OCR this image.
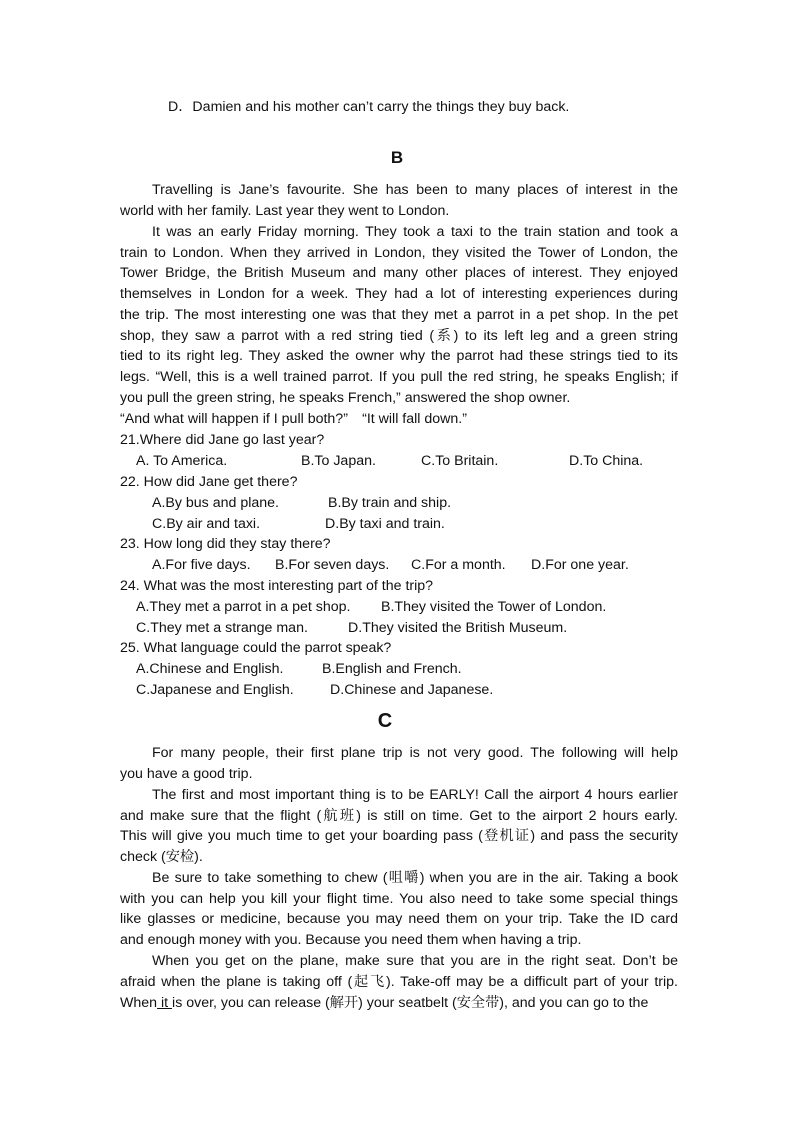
D．Damien and his mother can’t carry the things they buy back.
B

Travelling is Jane’s favourite. She has been to many places of interest in the

world with her family. Last year they went to London.

It was an early Friday morning. They took a taxi to the train station and took a

train to London. When they arrived in London, they visited the Tower of London, the

Tower Bridge, the British Museum and many other places of interest. They enjoyed

themselves in London for a week. They had a lot of interesting experiences during

the trip. The most interesting one was that they met a parrot in a pet shop. In the pet

shop, they saw a parrot with a red string tied (系) to its left leg and a green string

tied to its right leg. They asked the owner why the parrot had these strings tied to its

legs. “Well, this is a well trained parrot. If you pull the red string, he speaks English; if

you pull the green string, he speaks French,” answered the shop owner.

“And what will happen if I pull both?”　“It will fall down.”

21.Where did Jane go last year?
A. To America.	B.To Japan.	C.To Britain.	D.To China.
22. How did Jane get there?
A.By bus and plane.	B.By train and ship.
C.By air and taxi.	D.By taxi and train.
23. How long did they stay there?
A.For five days. B.For seven days. C.For a month. D.For one year.
24. What was the most interesting part of the trip?
A.They met a parrot in a pet shop. B.They visited the Tower of London.
C.They met a strange man.	D.They visited the British Museum.
25. What language could the parrot speak?
A.Chinese and English.	B.English and French.
C.Japanese and English.	D.Chinese and Japanese.
C

For many people, their first plane trip is not very good. The following will help

you have a good trip.

The first and most important thing is to be EARLY! Call the airport 4 hours earlier

and make sure that the flight (航班) is still on time. Get to the airport 2 hours early.

This will give you much time to get your boarding pass (登机证) and pass the security

check (安检).

Be sure to take something to chew (咀嚼) when you are in the air. Taking a book

with you can help you kill your flight time. You also need to take some special things

like glasses or medicine, because you may need them on your trip. Take the ID card

and enough money with you. Because you need them when having a trip.

When you get on the plane, make sure that you are in the right seat. Don’t be

afraid when the plane is taking off (起飞). Take-off may be a difficult part of your trip.

When it is over, you can release (解开) your seatbelt (安全带), and you can go to the
